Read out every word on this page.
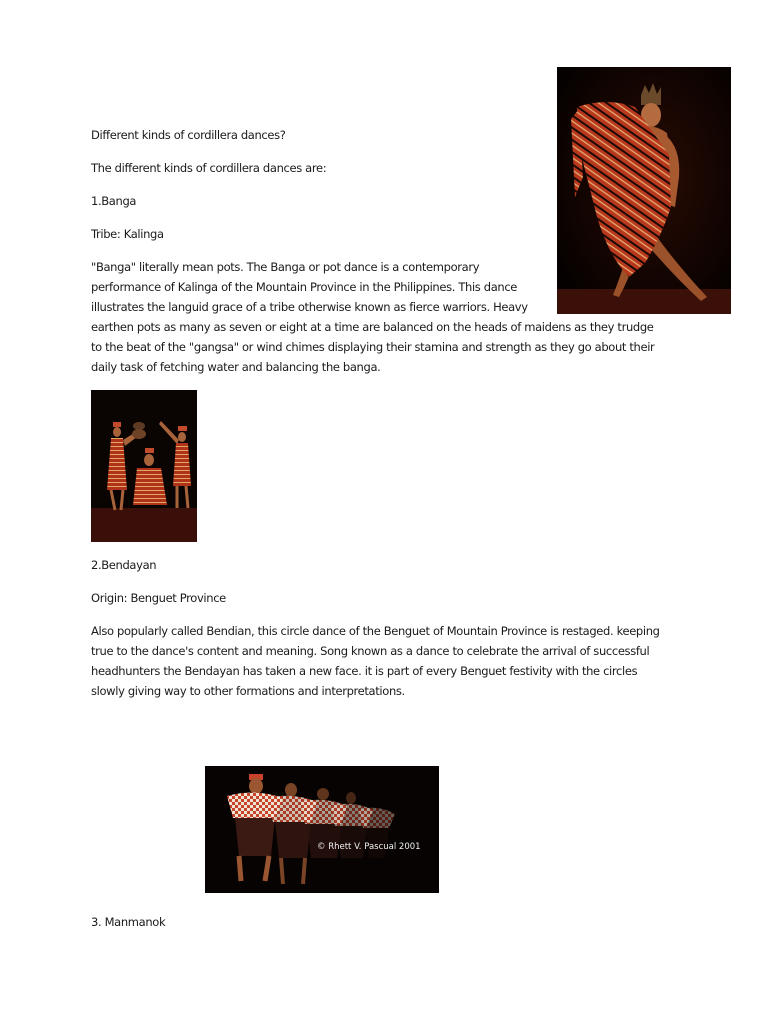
Different kinds of cordillera dances?

The different kinds of cordillera dances are:

1.Banga

Tribe: Kalinga

"Banga" literally mean pots. The Banga or pot dance is a contemporary

performance of Kalinga of the Mountain Province in the Philippines. This dance

illustrates the languid grace of a tribe otherwise known as fierce warriors. Heavy

earthen pots as many as seven or eight at a time are balanced on the heads of maidens as they trudge

to the beat of the "gangsa" or wind chimes displaying their stamina and strength as they go about their

daily task of fetching water and balancing the banga.

2.Bendayan

Origin: Benguet Province

Also popularly called Bendian, this circle dance of the Benguet of Mountain Province is restaged. keeping

true to the dance's content and meaning. Song known as a dance to celebrate the arrival of successful

headhunters the Bendayan has taken a new face. it is part of every Benguet festivity with the circles

slowly giving way to other formations and interpretations.

3. Manmanok

© Rhett V. Pascual 2001
